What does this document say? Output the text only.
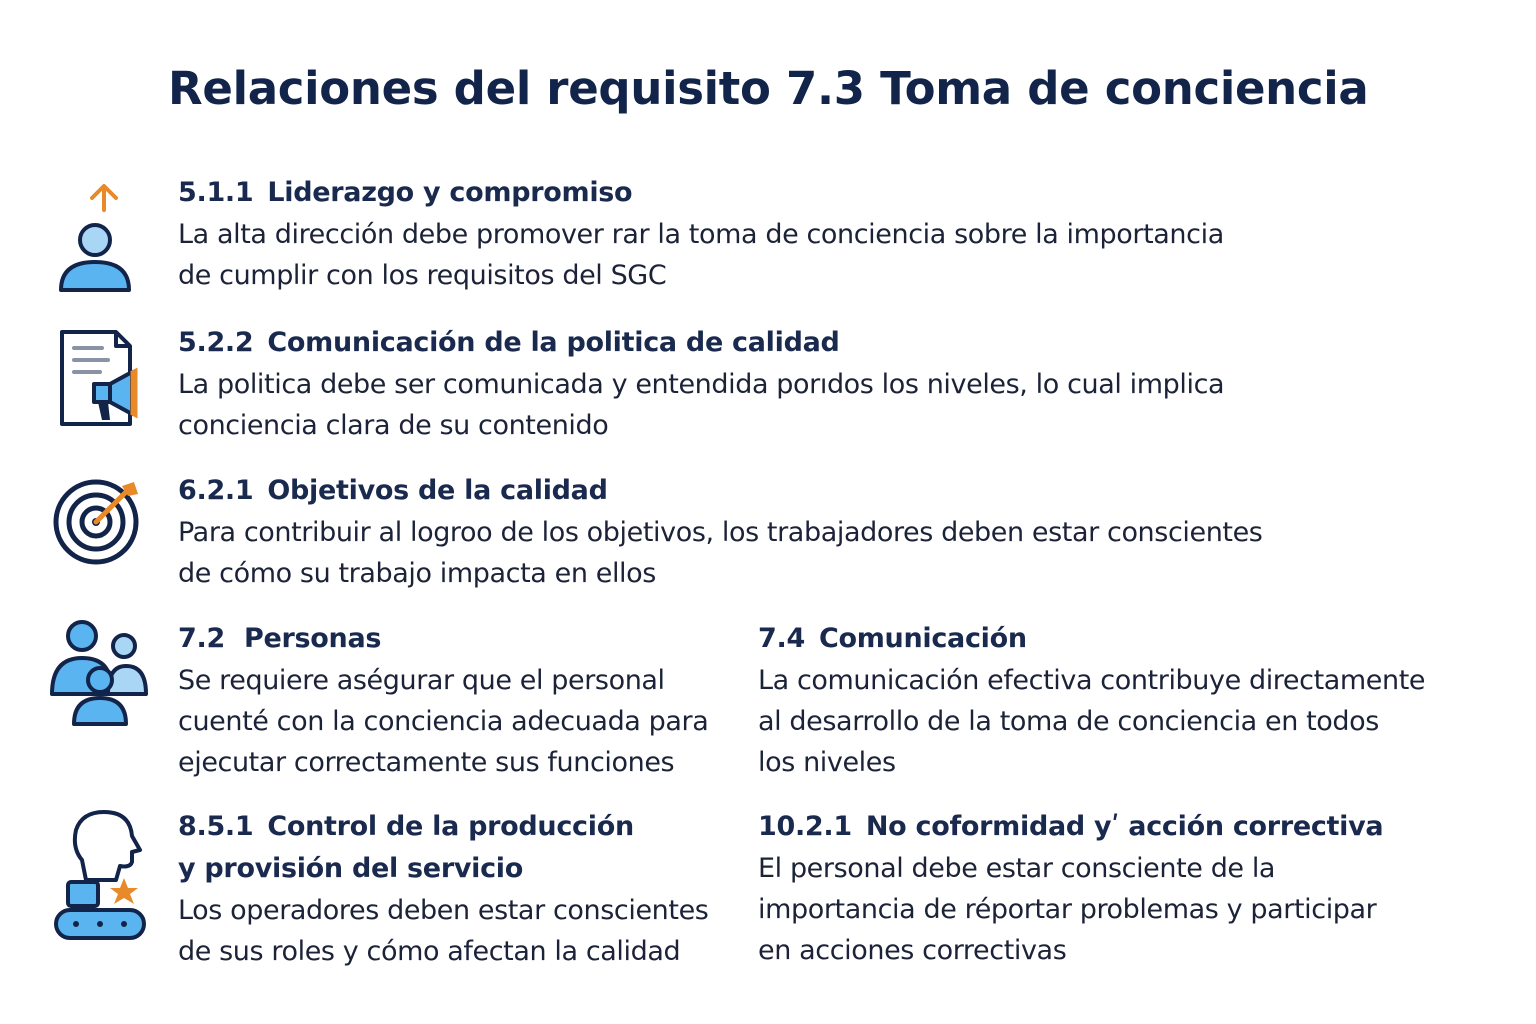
Relaciones del requisito 7.3 Toma de conciencia
5.1.1 Liderazgo y compromiso
La alta dirección debe promover rar la toma de conciencia sobre la importancia
de cumplir con los requisitos del SGC
5.2.2 Comunicación de la politica de calidad
La politica debe ser comunicada y entendida porıdos los niveles, lo cual implica
conciencia clara de su contenido
6.2.1 Objetivos de la calidad
Para contribuir al logroo de los objetivos, los trabajadores deben estar conscientes
de cómo su trabajo impacta en ellos
7.2 Personas
Se requiere aségurar que el personal
cuenté con la conciencia adecuada para
ejecutar correctamente sus funciones
7.4 Comunicación
La comunicación efectiva contribuye directamente
al desarrollo de la toma de conciencia en todos
los niveles
8.5.1 Control de la producción
y provisión del servicio
Los operadores deben estar conscientes
de sus roles y cómo afectan la calidad
10.2.1 No coformidad yʹ acción correctiva
El personal debe estar consciente de la
importancia de réportar problemas y participar
en acciones correctivas
